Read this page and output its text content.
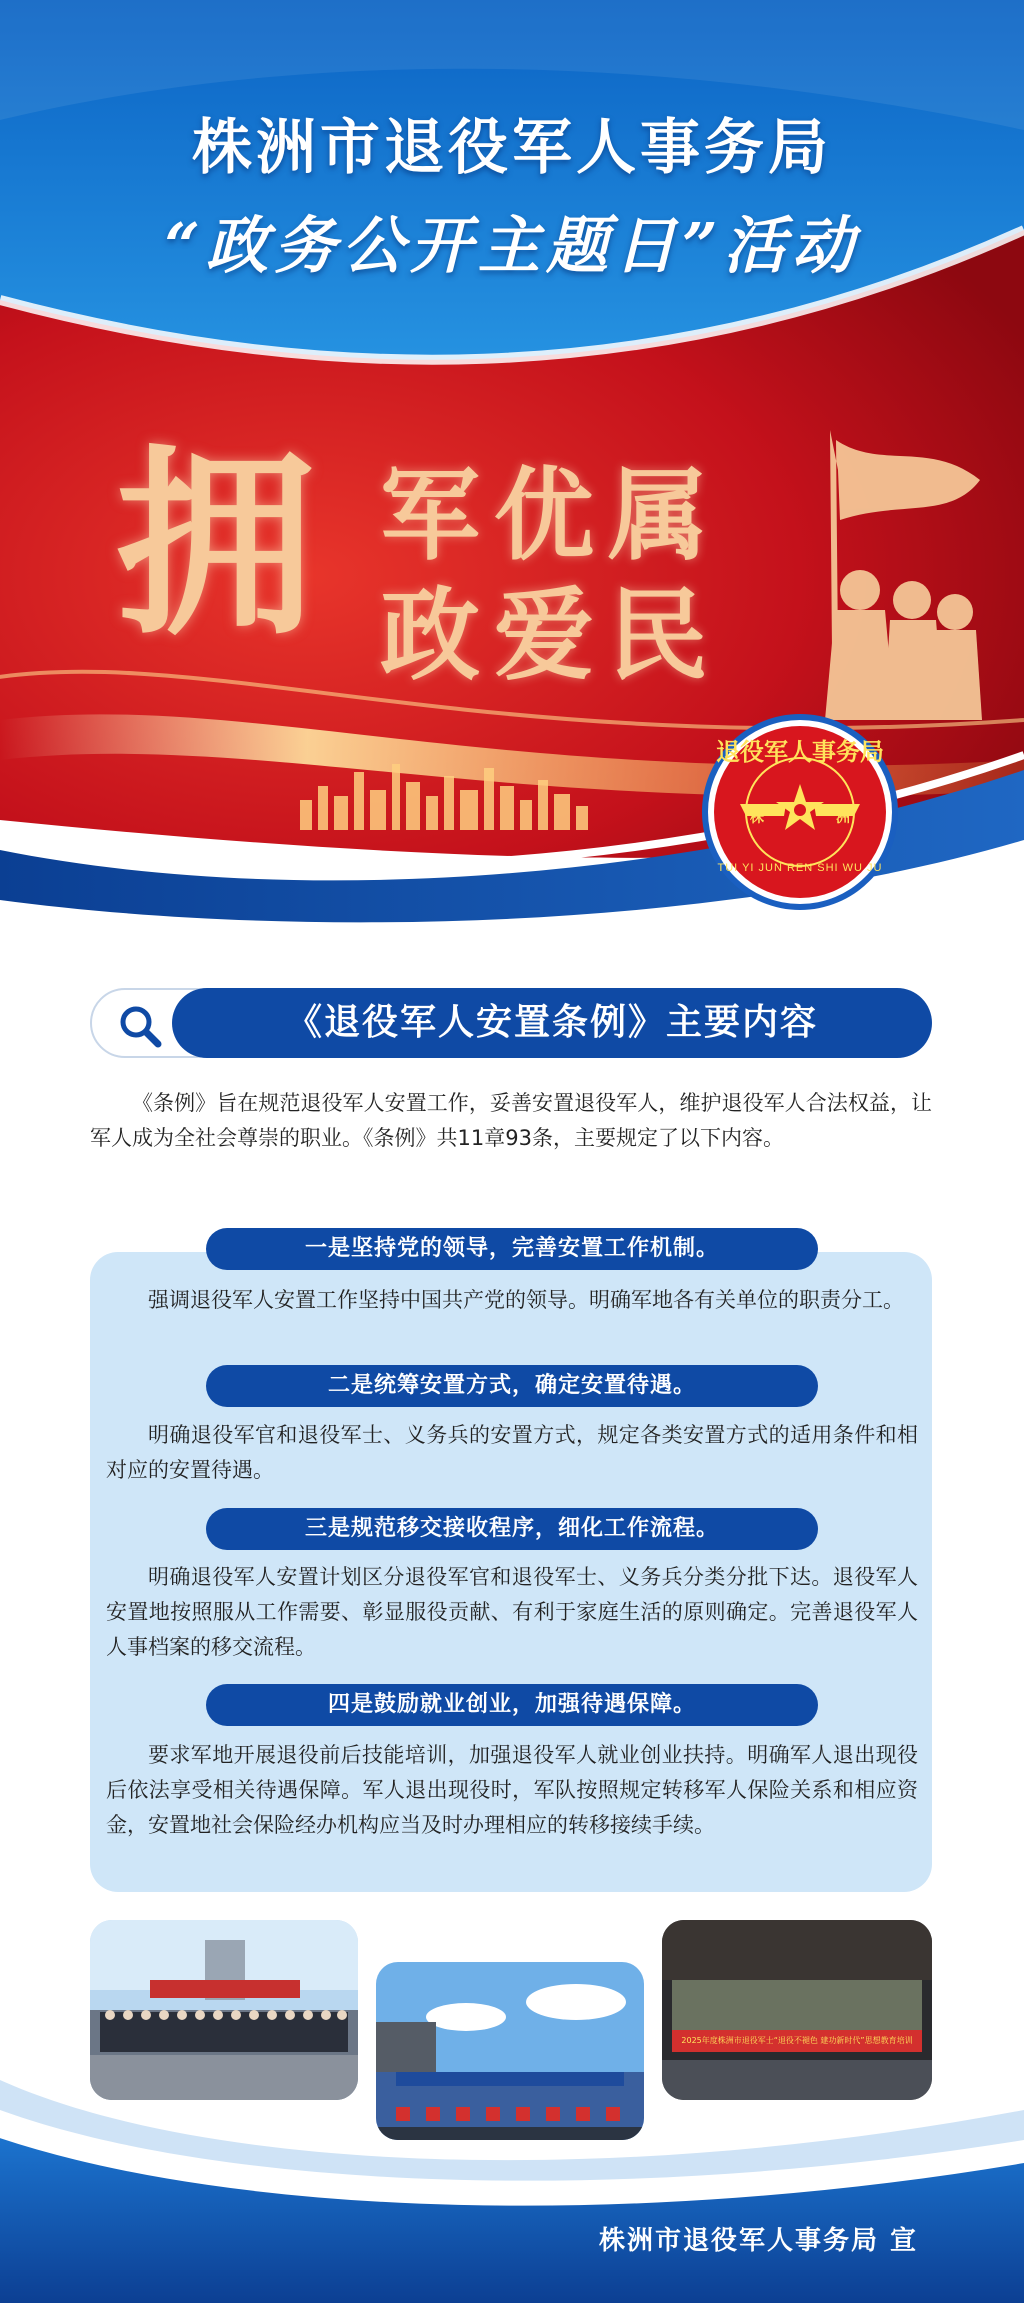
株洲市退役军人事务局
“政务公开主题日”活动
拥 军优属
政爱民
退役军人事务局
株	洲
TUI YI JUN REN SHI WU JU
《退役军人安置条例》主要内容
《条例》旨在规范退役军人安置工作，妥善安置退役军人，维护退役军人合法权益，让军人成为全社会尊崇的职业。《条例》共11章93条，主要规定了以下内容。
一是坚持党的领导，完善安置工作机制。
强调退役军人安置工作坚持中国共产党的领导。明确军地各有关单位的职责分工。
二是统筹安置方式，确定安置待遇。
明确退役军官和退役军士、义务兵的安置方式，规定各类安置方式的适用条件和相对应的安置待遇。
三是规范移交接收程序，细化工作流程。
明确退役军人安置计划区分退役军官和退役军士、义务兵分类分批下达。退役军人安置地按照服从工作需要、彰显服役贡献、有利于家庭生活的原则确定。完善退役军人人事档案的移交流程。
四是鼓励就业创业，加强待遇保障。
要求军地开展退役前后技能培训，加强退役军人就业创业扶持。明确军人退出现役后依法享受相关待遇保障。军人退出现役时，军队按照规定转移军人保险关系和相应资金，安置地社会保险经办机构应当及时办理相应的转移接续手续。
2025年度株洲市退役军士“退役不褪色 建功新时代”思想教育培训
株洲市退役军人事务局 宣
